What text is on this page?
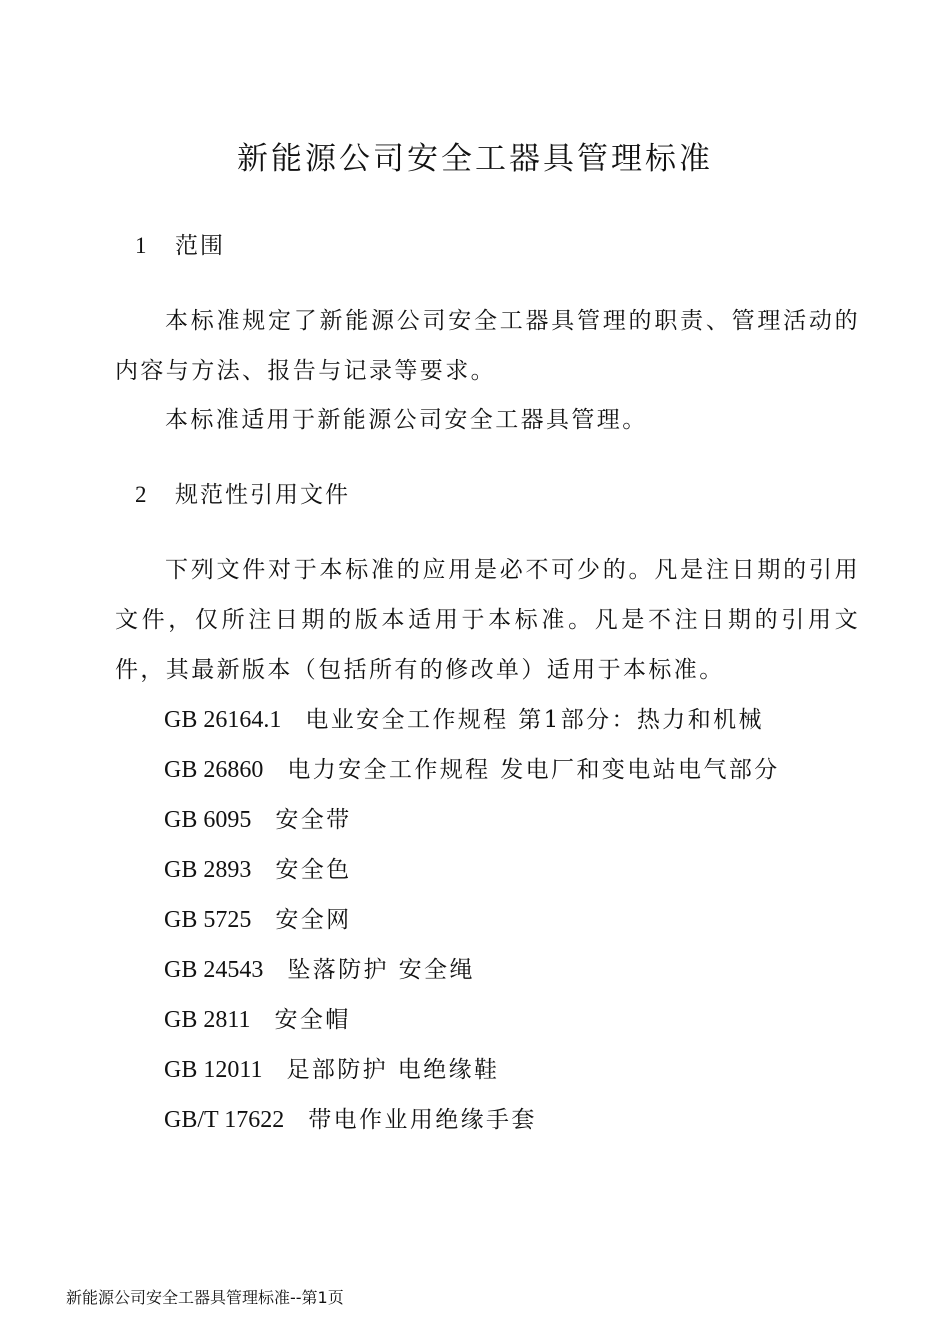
新能源公司安全工器具管理标准
1 范围
本标准规定了新能源公司安全工器具管理的职责、管理活动的内容与方法、报告与记录等要求。
本标准适用于新能源公司安全工器具管理。
2 规范性引用文件
下列文件对于本标准的应用是必不可少的。凡是注日期的引用文件，仅所注日期的版本适用于本标准。凡是不注日期的引用文件，其最新版本（包括所有的修改单）适用于本标准。
GB 26164.1 电业安全工作规程 第1部分：热力和机械
GB 26860 电力安全工作规程 发电厂和变电站电气部分
GB 6095 安全带
GB 2893 安全色
GB 5725 安全网
GB 24543 坠落防护 安全绳
GB 2811 安全帽
GB 12011 足部防护 电绝缘鞋
GB/T 17622 带电作业用绝缘手套
新能源公司安全工器具管理标准--第1页
